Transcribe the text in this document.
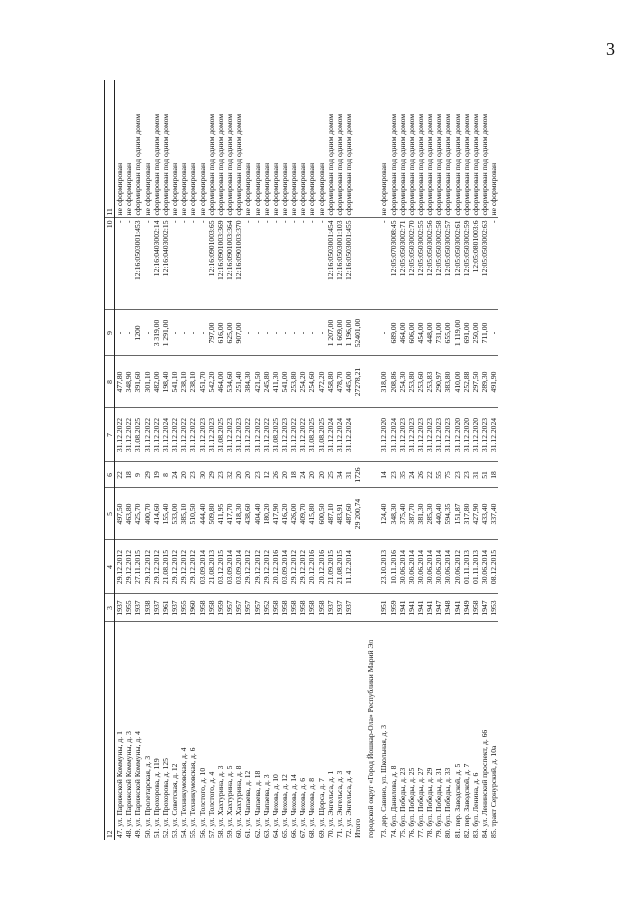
3
1
2	3	4	5	6	7	8	9	10	11
47. ул. Парижской Коммуны, д. 1	1937	29.12.2012	497,50	22	31.12.2022	477,80	-	-	не сформирован
48. ул. Парижской Коммуны, д. 3	1955	29.12.2012	463,80	18	31.12.2022	348,90	-	-	не сформирован
49. ул. Парижской Коммуны, д. 4	1937	27.11.2015	425,70	9	31.08.2025	391,60	1200	12:16:0503001:453	сформирован под одним домом
50. ул. Пролетарская, д. 3	1938	29.12.2012	400,70	29	31.12.2022	301,10	-	-	не сформирован
51. ул. Прохорова, д. 119	1937	29.12.2012	414,60	19	31.12.2022	482,00	3 319,00	12:16:0403002:14	сформирован под одним домом
52. ул. Прохорова, д. 125	1961	21.08.2015	155,40	8	31.12.2024	198,40	1 291,00	12:16:0403002:15	сформирован под одним домом
53. ул. Советская, д. 12	1937	29.12.2012	533,00	24	31.12.2022	541,10	-	-	не сформирован
54. ул. Техникумовская, д. 4	1955	29.12.2012	385,10	20	31.12.2022	238,10	-	-	не сформирован
55. ул. Техникумовская, д. 6	1960	29.12.2012	510,50	23	31.12.2022	238,10	-	-	не сформирован
56. ул. Толстого, д. 10	1958	03.09.2014	444,40	30	31.12.2023	451,70	-	-	не сформирован
57. ул. Толстого, д. 4	1958	21.08.2013	509,80	29	31.12.2023	542,20	797,00	12:16:0901003:65	сформирован под одним домом
58. ул. Хахтурина, д. 3	1959	03.12.2015	411,95	23	31.08.2025	464,00	616,00	12:16:0901003:369	сформирован под одним домом
59. ул. Хахтурина, д. 5	1957	03.09.2014	417,70	32	31.12.2023	534,60	625,00	12:16:0901003:364	сформирован под одним домом
60. ул. Хахтурина, д. 8	1957	03.09.2014	418,30	20	31.12.2023	251,40	907,00	12:16:0901003:370	сформирован под одним домом
61. ул. Чапаева, д. 12	1957	29.12.2012	438,60	20	31.12.2022	384,30	-	-	не сформирован
62. ул. Чапаева, д. 18	1957	29.12.2012	404,40	23	31.12.2022	421,50	-	-	не сформирован
63. ул. Чапаева, д. 3	1952	29.12.2012	180,20	12	31.12.2022	245,80	-	-	не сформирован
64. ул. Чехова, д. 10	1958	20.12.2016	417,90	26	31.08.2025	411,30	-	-	не сформирован
65. ул. Чехова, д. 12	1958	03.09.2014	416,20	20	31.12.2023	541,00	-	-	не сформирован
66. ул. Чехова, д. 14	1958	29.12.2012	426,00	18	31.12.2022	253,80	-	-	не сформирован
67. ул. Чехова, д. 6	1958	29.12.2012	409,70	24	31.12.2022	254,20	-	-	не сформирован
68. ул. Чехова, д. 8	1958	20.12.2016	415,80	20	31.08.2025	254,60	-	-	не сформирован
69. ул. Щорса, д. 7	1958	20.12.2016	600,50	20	31.08.2025	472,20	-	-	не сформирован
70. ул. Энгельса, д. 1	1937	21.09.2015	487,10	25	31.12.2024	458,80	1 207,00	12:16:0503001:454	сформирован под одним домом
71. ул. Энгельса, д. 3	1937	21.08.2015	483,91	34	31.12.2024	478,70	1 609,00	12:16:0503001:103	сформирован под одним домом
72. ул. Энгельса, д. 4	1937	11.12.2014	487,60	31	31.12.2024	445,00	1 196,00	12:16:0503001:455	сформирован под одним домом
Итого			29 200,74	1726		27278,21	52401,00		
городской округ «Город Йошкар-Ола» Республики Марий Эл									
73. дер. Савино, ул. Школьная, д. 3	1951	23.10.2013	124,40	14	31.12.2020	318,00	-	-	не сформирован
74. бул. Данилова, д. 8	1959	10.11.2016	348,30	23	31.12.2024	208,86	689,00	12:05:0703008:45	сформирован под одним домом
75. бул. Победы, д. 23	1941	30.06.2014	375,40	35	31.12.2023	254,30	464,00	12:05:0503002:71	сформирован под одним домом
76. бул. Победы, д. 25	1941	30.06.2014	387,70	24	31.12.2023	253,80	606,00	12:05:0503002:70	сформирован под одним домом
77. бул. Победы, д. 27	1941	30.06.2014	381,30	26	31.12.2023	253,60	454,00	12:05:0503002:55	сформирован под одним домом
78. бул. Победы, д. 29	1941	30.06.2014	285,30	22	31.12.2023	253,83	448,00	12:05:0503002:56	сформирован под одним домом
79. бул. Победы, д. 31	1947	30.06.2014	440,40	55	31.12.2023	290,97	731,00	12:05:0503002:58	сформирован под одним домом
80. бул. Победы, д. 33	1948	30.06.2014	594,35	75	31.12.2023	383,80	655,00	12:05:0503002:57	сформирован под одним домом
81. пер. Заводской, д. 5	1941	20.06.2012	151,87	23	31.12.2020	410,00	1 119,00	12:05:0503002:61	сформирован под одним домом
82. пер. Заводской, д. 7	1949	01.11.2013	317,80	23	31.12.2020	252,88	691,00	12:05:0503002:59	сформирован под одним домом
83. бул. Ленина, д. 6	1958	01.11.2013	427,90	31	31.12.2020	297,50	250,00	12:05:0801003:6	сформирован под одним домом
84. ул. Ленинский проспект, д. 66	1947	30.06.2014	433,40	51	31.12.2023	289,30	711,00	12:05:0503002:63	сформирован под одним домом
85. тракт Сернурский, д. 10а	1953	08.12.2015	337,40	18	31.12.2024	491,90	-	-	не сформирован
